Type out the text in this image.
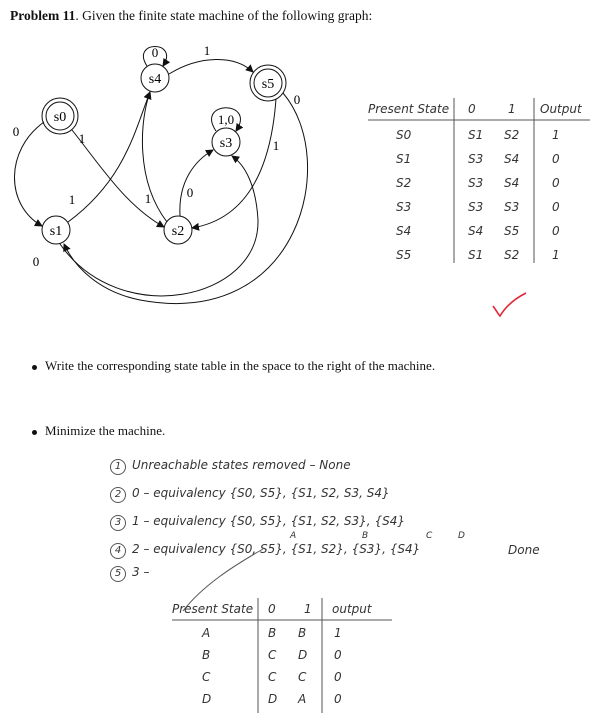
Problem 11. Given the finite state machine of the following graph:
s0
s4	s5
s3
s1	s2
0	1
0
0	1
1,0
1
1	0
1
0
Present State 0	1 Output
S0	S1 S2	1
S1	S3 S4	0
S2	S3 S4	0
S3	S3 S3	0
S4	S4 S5	0
S5	S1 S2	1
Write the corresponding state table in the space to the right of the machine.
Minimize the machine.
1 Unreachable states removed – None
2 0 – equivalency {S0, S5}, {S1, S2, S3, S4}
3 1 – equivalency {S0, S5}, {S1, S2, S3}, {S4}
4 2 – equivalency {S0, S5}, {S1, S2}, {S3}, {S4}
5 3 –
Done
A	B	C	D
Present State 0 1 output
A	B B 1
B	C D 0
C	C C 0
D	D A 0
